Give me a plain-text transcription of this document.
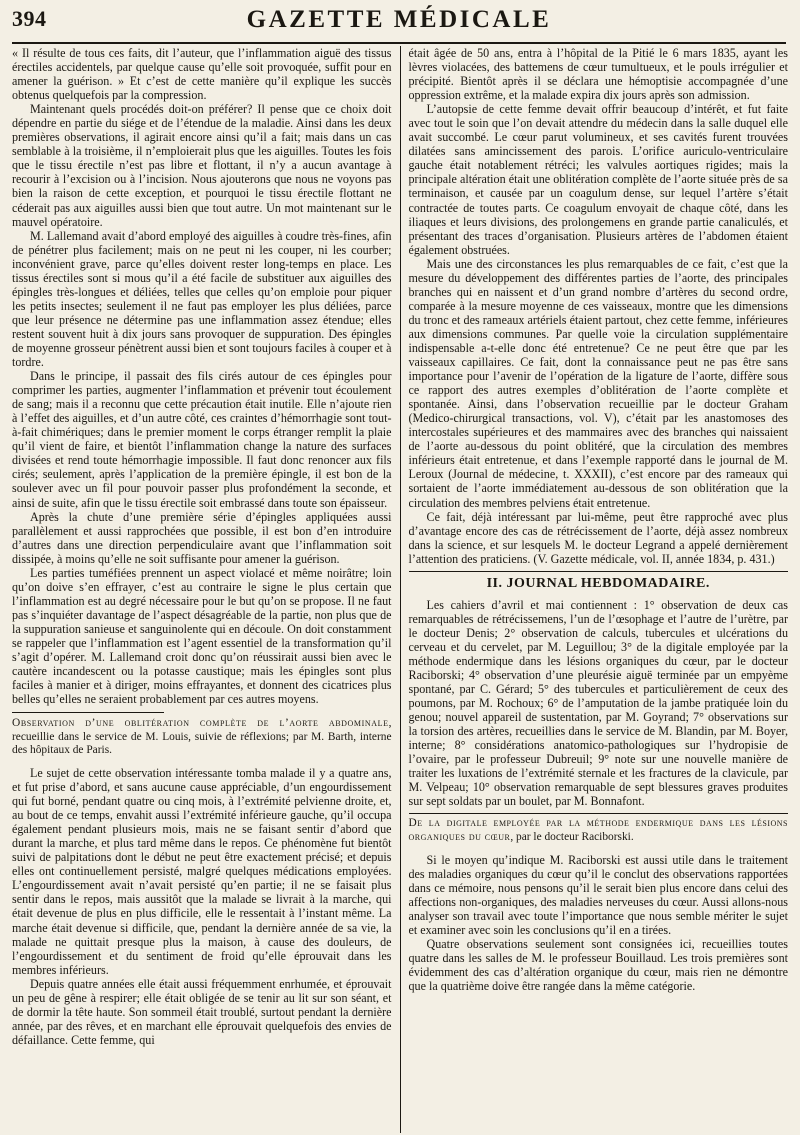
394	GAZETTE MÉDICALE

« Il résulte de tous ces faits, dit l’auteur, que l’inflammation aiguë des tissus érectiles accidentels, par quelque cause qu’elle soit provoquée, suffit pour en amener la guérison. » Et c’est de cette manière qu’il explique les succès obtenus quelquefois par la compression.

Maintenant quels procédés doit-on préférer? Il pense que ce choix doit dépendre en partie du siége et de l’étendue de la maladie. Ainsi dans les deux premières observations, il agirait encore ainsi qu’il a fait; mais dans un cas semblable à la troisième, il n’emploierait plus que les aiguilles. Toutes les fois que le tissu érectile n’est pas libre et flottant, il n’y a aucun avantage à recourir à l’excision ou à l’incision. Nous ajouterons que nous ne voyons pas bien la raison de cette exception, et pourquoi le tissu érectile flottant ne céderait pas aux aiguilles aussi bien que tout autre. Un mot maintenant sur le mauvel opératoire.

M. Lallemand avait d’abord employé des aiguilles à coudre très-fines, afin de pénétrer plus facilement; mais on ne peut ni les couper, ni les courber; inconvénient grave, parce qu’elles doivent rester long-temps en place. Les tissus érectiles sont si mous qu’il a été facile de substituer aux aiguilles des épingles très-longues et déliées, telles que celles qu’on emploie pour piquer les petits insectes; seulement il ne faut pas employer les plus déliées, parce que leur présence ne détermine pas une inflammation assez étendue; elles restent souvent huit à dix jours sans provoquer de suppuration. Des épingles de moyenne grosseur pénètrent aussi bien et sont toujours faciles à couper et à tordre.

Dans le principe, il passait des fils cirés autour de ces épingles pour comprimer les parties, augmenter l’inflammation et prévenir tout écoulement de sang; mais il a reconnu que cette précaution était inutile. Elle n’ajoute rien à l’effet des aiguilles, et d’un autre côté, ces craintes d’hémorrhagie sont tout-à-fait chimériques; dans le premier moment le corps étranger remplit la plaie qu’il vient de faire, et bientôt l’inflammation change la nature des surfaces divisées et rend toute hémorrhagie impossible. Il faut donc renoncer aux fils cirés; seulement, après l’application de la première épingle, il est bon de la soulever avec un fil pour pouvoir passer plus profondément la seconde, et ainsi de suite, afin que le tissu érectile soit embrassé dans toute son épaisseur.

Après la chute d’une première série d’épingles appliquées aussi parallèlement et aussi rapprochées que possible, il est bon d’en introduire d’autres dans une direction perpendiculaire avant que l’inflammation soit dissipée, à moins qu’elle ne soit suffisante pour amener la guérison.

Les parties tuméfiées prennent un aspect violacé et même noirâtre; loin qu’on doive s’en effrayer, c’est au contraire le signe le plus certain que l’inflammation est au degré nécessaire pour le but qu’on se propose. Il ne faut pas s’inquiéter davantage de l’aspect désagréable de la partie, non plus que de la suppuration sanieuse et sanguinolente qui en découle. On doit constamment se rappeler que l’inflammation est l’agent essentiel de la transformation qu’il s’agit d’opérer. M. Lallemand croit donc qu’on réussirait aussi bien avec le cautère incandescent ou la potasse caustique; mais les épingles sont plus faciles à manier et à diriger, moins effrayantes, et donnent des cicatrices plus belles qu’elles ne seraient probablement par ces autres moyens.

Observation d’une oblitération complète de l’aorte abdominale, recueillie dans le service de M. Louis, suivie de réflexions; par M. Barth, interne des hôpitaux de Paris.

Le sujet de cette observation intéressante tomba malade il y a quatre ans, et fut prise d’abord, et sans aucune cause appréciable, d’un engourdissement qui fut borné, pendant quatre ou cinq mois, à l’extrémité pelvienne droite, et, au bout de ce temps, envahit aussi l’extrémité inférieure gauche, qu’il occupa également pendant plusieurs mois, mais ne se faisant sentir d’abord que durant la marche, et plus tard même dans le repos. Ce phénomène fut bientôt suivi de palpitations dont le début ne peut être exactement précisé; et depuis elles ont continuellement persisté, malgré quelques médications employées. L’engourdissement avait n’avait persisté qu’en partie; il ne se faisait plus sentir dans le repos, mais aussitôt que la malade se livrait à la marche, qui était devenue de plus en plus difficile, elle le ressentait à l’instant même. La marche était devenue si difficile, que, pendant la dernière année de sa vie, la malade ne quittait presque plus la maison, à cause des douleurs, de l’engourdissement et du sentiment de froid qu’elle éprouvait dans les membres inférieurs.

Depuis quatre années elle était aussi fréquemment enrhumée, et éprouvait un peu de gêne à respirer; elle était obligée de se tenir au lit sur son séant, et de dormir la tête haute. Son sommeil était troublé, surtout pendant la dernière année, par des rêves, et en marchant elle éprouvait quelquefois des envies de défaillance. Cette femme, qui

était âgée de 50 ans, entra à l’hôpital de la Pitié le 6 mars 1835, ayant les lèvres violacées, des battemens de cœur tumultueux, et le pouls irrégulier et précipité. Bientôt après il se déclara une hémoptisie accompagnée d’une oppression extrême, et la malade expira dix jours après son admission.

L’autopsie de cette femme devait offrir beaucoup d’intérêt, et fut faite avec tout le soin que l’on devait attendre du médecin dans la salle duquel elle avait succombé. Le cœur parut volumineux, et ses cavités furent trouvées dilatées sans amincissement des parois. L’orifice auriculo-ventriculaire gauche était notablement rétréci; les valvules aortiques rigides; mais la principale altération était une oblitération complète de l’aorte située près de sa terminaison, et causée par un coagulum dense, sur lequel l’artère s’était contractée de toutes parts. Ce coagulum envoyait de chaque côté, dans les iliaques et leurs divisions, des prolongemens en grande partie canaliculés, et présentant des traces d’organisation. Plusieurs artères de l’abdomen étaient également obstruées.

Mais une des circonstances les plus remarquables de ce fait, c’est que la mesure du développement des différentes parties de l’aorte, des principales branches qui en naissent et d’un grand nombre d’artères du second ordre, comparée à la mesure moyenne de ces vaisseaux, montre que les dimensions du tronc et des rameaux artériels étaient partout, chez cette femme, inférieures aux dimensions communes. Par quelle voie la circulation supplémentaire indispensable a-t-elle donc été entretenue? Ce ne peut être que par les vaisseaux capillaires. Ce fait, dont la connaissance peut ne pas être sans importance pour l’avenir de l’opération de la ligature de l’aorte, diffère sous ce rapport des autres exemples d’oblitération de l’aorte complète et spontanée. Ainsi, dans l’observation recueillie par le docteur Graham (Medico-chirurgical transactions, vol. V), c’était par les anastomoses des intercostales supérieures et des mammaires avec des branches qui naissaient de l’aorte au-dessous du point oblitéré, que la circulation des membres inférieurs était entretenue, et dans l’exemple rapporté dans le journal de M. Leroux (Journal de médecine, t. XXXII), c’est encore par des rameaux qui sortaient de l’aorte immédiatement au-dessous de son oblitération que la circulation des membres pelviens était entretenue.

Ce fait, déjà intéressant par lui-même, peut être rapproché avec plus d’avantage encore des cas de rétrécissement de l’aorte, déjà assez nombreux dans la science, et sur lesquels M. le docteur Legrand a appelé dernièrement l’attention des praticiens. (V. Gazette médicale, vol. II, année 1834, p. 431.)

II. JOURNAL HEBDOMADAIRE.

Les cahiers d’avril et mai contiennent : 1° observation de deux cas remarquables de rétrécissemens, l’un de l’œsophage et l’autre de l’urètre, par le docteur Denis; 2° observation de calculs, tubercules et ulcérations du cerveau et du cervelet, par M. Leguillou; 3° de la digitale employée par la méthode endermique dans les lésions organiques du cœur, par le docteur Raciborski; 4° observation d’une pleurésie aiguë terminée par un empyème spontané, par C. Gérard; 5° des tubercules et particulièrement de ceux des poumons, par M. Rochoux; 6° de l’amputation de la jambe pratiquée loin du genou; nouvel appareil de sustentation, par M. Goyrand; 7° observations sur la torsion des artères, recueillies dans le service de M. Blandin, par M. Boyer, interne; 8° considérations anatomico-pathologiques sur l’hydropisie de l’ovaire, par le professeur Dubreuil; 9° note sur une nouvelle manière de traiter les luxations de l’extrémité sternale et les fractures de la clavicule, par M. Velpeau; 10° observation remarquable de sept blessures graves produites sur sept soldats par un boulet, par M. Bonnafont.

De la digitale employée par la méthode endermique dans les lésions organiques du cœur, par le docteur Raciborski.

Si le moyen qu’indique M. Raciborski est aussi utile dans le traitement des maladies organiques du cœur qu’il le conclut des observations rapportées dans ce mémoire, nous pensons qu’il le serait bien plus encore dans celui des affections non-organiques, des maladies nerveuses du cœur. Aussi allons-nous analyser son travail avec toute l’importance que nous semble mériter le sujet et examiner avec soin les conclusions qu’il en a tirées.

Quatre observations seulement sont consignées ici, recueillies toutes quatre dans les salles de M. le professeur Bouillaud. Les trois premières sont évidemment des cas d’altération organique du cœur, mais rien ne démontre que la quatrième doive être rangée dans la même catégorie.
